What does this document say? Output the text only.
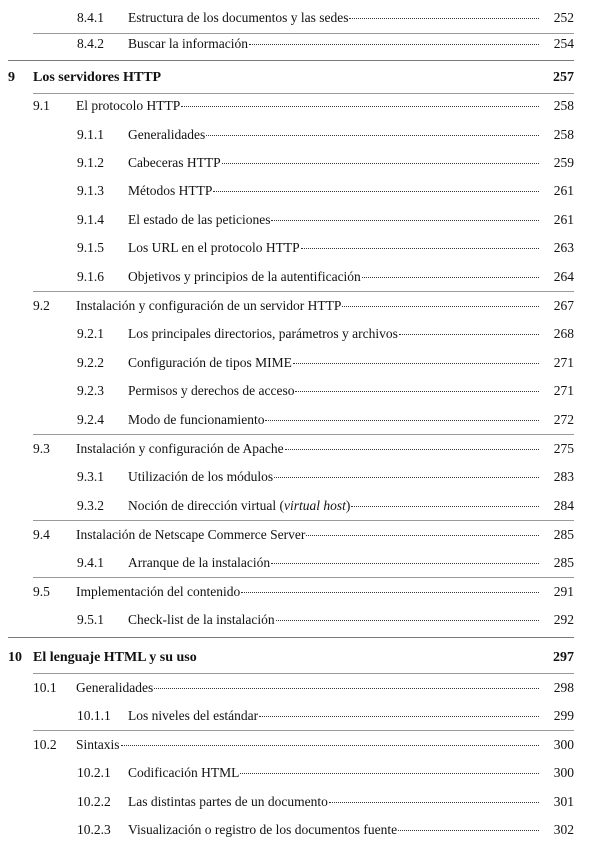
8.4.1 Estructura de los documentos y las sedes	252
8.4.2 Buscar la información	254
9 Los servidores HTTP	257
9.1 El protocolo HTTP	258
9.1.1 Generalidades	258
9.1.2 Cabeceras HTTP	259
9.1.3 Métodos HTTP	261
9.1.4 El estado de las peticiones	261
9.1.5 Los URL en el protocolo HTTP	263
9.1.6 Objetivos y principios de la autentificación	264
9.2 Instalación y configuración de un servidor HTTP	267
9.2.1 Los principales directorios, parámetros y archivos	268
9.2.2 Configuración de tipos MIME	271
9.2.3 Permisos y derechos de acceso	271
9.2.4 Modo de funcionamiento	272
9.3 Instalación y configuración de Apache	275
9.3.1 Utilización de los módulos	283
9.3.2 Noción de dirección virtual (virtual host)	284
9.4 Instalación de Netscape Commerce Server	285
9.4.1 Arranque de la instalación	285
9.5 Implementación del contenido	291
9.5.1 Check-list de la instalación	292
10 El lenguaje HTML y su uso	297
10.1 Generalidades	298
10.1.1 Los niveles del estándar	299
10.2 Sintaxis	300
10.2.1 Codificación HTML	300
10.2.2 Las distintas partes de un documento	301
10.2.3 Visualización o registro de los documentos fuente	302
